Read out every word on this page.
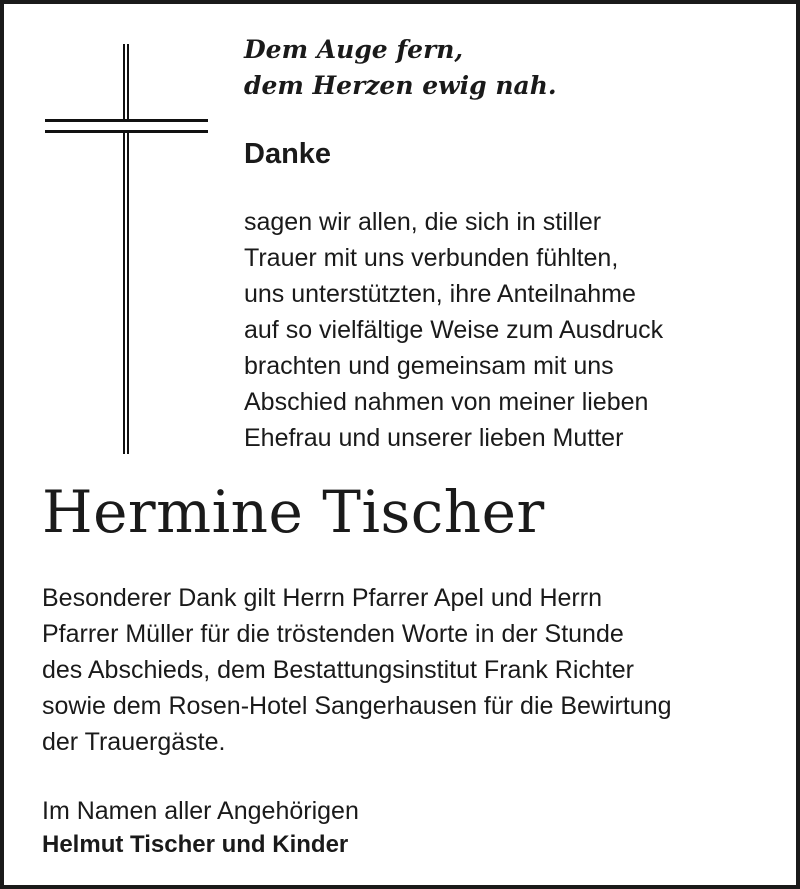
Dem Auge fern,
dem Herzen ewig nah.
Danke
sagen wir allen, die sich in stiller
Trauer mit uns verbunden fühlten,
uns unterstützten, ihre Anteilnahme
auf so vielfältige Weise zum Ausdruck
brachten und gemeinsam mit uns
Abschied nahmen von meiner lieben
Ehefrau und unserer lieben Mutter
Hermine Tischer
Besonderer Dank gilt Herrn Pfarrer Apel und Herrn
Pfarrer Müller für die tröstenden Worte in der Stunde
des Abschieds, dem Bestattungsinstitut Frank Richter
sowie dem Rosen-Hotel Sangerhausen für die Bewirtung
der Trauergäste.
Im Namen aller Angehörigen
Helmut Tischer und Kinder
